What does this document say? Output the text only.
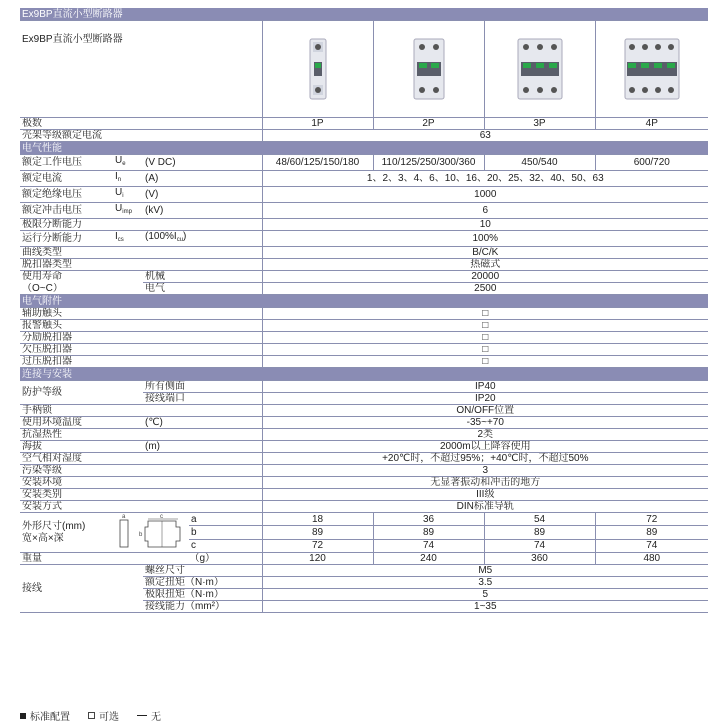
Ex9BP直流小型断路器							
Ex9BP直流小型断路器	

极数				1P	2P	3P	4P
壳架等级额定电流				63			
电气性能							
额定工作电压	$U_e$	(V DC)		48/60/125/150/180	110/125/250/300/360	450/540	600/720
额定电流	$I_n$	(A)		1、2、3、4、6、10、16、20、25、32、40、50、63			
额定绝缘电压	$U_i$	(V)		1000			
额定冲击电压	$U_{imp}$	(kV)		6			
极限分断能力				10			
运行分断能力	$I_{cs}$	$(100\%I_{cu})$		100%			
曲线类型				B/C/K			
脱扣器类型				热磁式			
使用寿命		机械		20000			
（O~C）		电气		2500			
电气附件							
辅助触头				□			
报警触头				□			
分励脱扣器				□			
欠压脱扣器				□			
过压脱扣器				□			
连接与安装							
防护等级		所有侧面		IP40			
		接线端口		IP20			
手柄锁				ON/OFF位置			
使用环境温度		(℃)		-35~+70			
抗湿热性				2类			
海拔		(m)		2000m以上降容使用			
空气相对湿度				+20℃时，不超过95%；+40℃时，不超过50%			
污染等级				3			
安装环境				无显著振动和冲击的地方			
安装类别				III级			
安装方式				DIN标准导轨			
外形尺寸(mm)
宽×高×深	a c
b		a	18	36	54	72
			b	89	89	89	89
			c	72	74	74	74
重量		（g）		120	240	360	480
接线		螺丝尺寸		M5			
		额定扭矩（N·m）		3.5			
		极限扭矩（N·m）		5			
		接线能力（mm²）		1~35			
标准配置	可选	无
